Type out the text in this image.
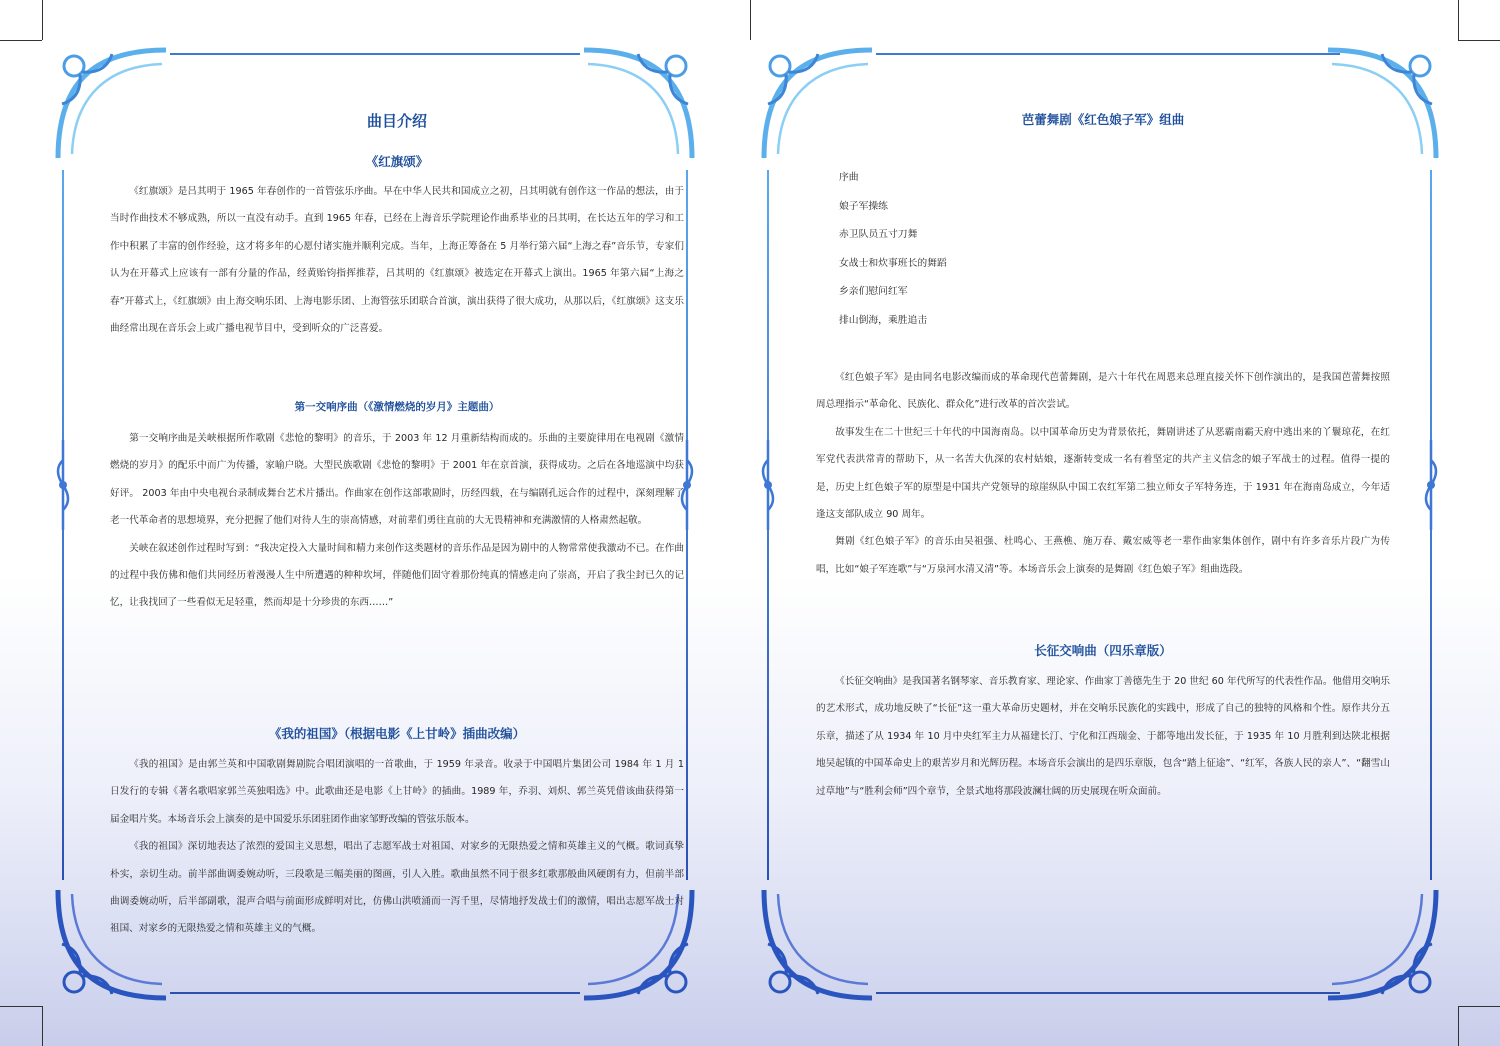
曲目介绍
《红旗颂》

《红旗颂》是吕其明于 1965 年春创作的一首管弦乐序曲。早在中华人民共和国成立之初，吕其明就有创作这一作品的想法，由于当时作曲技术不够成熟，所以一直没有动手。直到 1965 年春，已经在上海音乐学院理论作曲系毕业的吕其明，在长达五年的学习和工作中积累了丰富的创作经验，这才将多年的心愿付诸实施并顺利完成。当年，上海正筹备在 5 月举行第六届“上海之春”音乐节，专家们认为在开幕式上应该有一部有分量的作品，经黄贻钧指挥推荐，吕其明的《红旗颂》被选定在开幕式上演出。1965 年第六届“上海之春”开幕式上，《红旗颂》由上海交响乐团、上海电影乐团、上海管弦乐团联合首演，演出获得了很大成功，从那以后，《红旗颂》这支乐曲经常出现在音乐会上或广播电视节目中，受到听众的广泛喜爱。

第一交响序曲（《激情燃烧的岁月》主题曲）

第一交响序曲是关峡根据所作歌剧《悲怆的黎明》的音乐，于 2003 年 12 月重新结构而成的。乐曲的主要旋律用在电视剧《激情燃烧的岁月》的配乐中而广为传播，家喻户晓。大型民族歌剧《悲怆的黎明》于 2001 年在京首演，获得成功。之后在各地巡演中均获好评。 2003 年由中央电视台录制成舞台艺术片播出。作曲家在创作这部歌剧时，历经四载，在与编剧孔远合作的过程中，深刻理解了老一代革命者的思想境界，充分把握了他们对待人生的崇高情感，对前辈们勇往直前的大无畏精神和充满激情的人格肃然起敬。

关峡在叙述创作过程时写到：“我决定投入大量时间和精力来创作这类题材的音乐作品是因为剧中的人物常常使我激动不已。在作曲的过程中我仿佛和他们共同经历着漫漫人生中所遭遇的种种坎坷，伴随他们固守着那份纯真的情感走向了崇高，开启了我尘封已久的记忆，让我找回了一些看似无足轻重，然而却是十分珍贵的东西……”

《我的祖国》（根据电影《上甘岭》插曲改编）

《我的祖国》是由郭兰英和中国歌剧舞剧院合唱团演唱的一首歌曲，于 1959 年录音。收录于中国唱片集团公司 1984 年 1 月 1 日发行的专辑《著名歌唱家郭兰英独唱选》中。此歌曲还是电影《上甘岭》的插曲。1989 年，乔羽、刘炽、郭兰英凭借该曲获得第一届金唱片奖。本场音乐会上演奏的是中国爱乐乐团驻团作曲家邹野改编的管弦乐版本。

《我的祖国》深切地表达了浓烈的爱国主义思想，唱出了志愿军战士对祖国、对家乡的无限热爱之情和英雄主义的气概。歌词真挚朴实，亲切生动。前半部曲调委婉动听，三段歌是三幅美丽的图画，引人入胜。歌曲虽然不同于很多红歌那般曲风硬朗有力，但前半部曲调委婉动听，后半部副歌，混声合唱与前面形成鲜明对比，仿佛山洪喷涌而一泻千里，尽情地抒发战士们的激情，唱出志愿军战士对祖国、对家乡的无限热爱之情和英雄主义的气概。

芭蕾舞剧《红色娘子军》组曲
序曲
娘子军操练
赤卫队员五寸刀舞
女战士和炊事班长的舞蹈
乡亲们慰问红军
排山倒海，乘胜追击

《红色娘子军》是由同名电影改编而成的革命现代芭蕾舞剧，是六十年代在周恩来总理直接关怀下创作演出的，是我国芭蕾舞按照周总理指示“革命化、民族化、群众化”进行改革的首次尝试。

故事发生在二十世纪三十年代的中国海南岛。以中国革命历史为背景依托，舞剧讲述了从恶霸南霸天府中逃出来的丫鬟琼花，在红军党代表洪常青的帮助下，从一名苦大仇深的农村姑娘，逐渐转变成一名有着坚定的共产主义信念的娘子军战士的过程。值得一提的是，历史上红色娘子军的原型是中国共产党领导的琼崖纵队中国工农红军第二独立师女子军特务连，于 1931 年在海南岛成立，今年适逢这支部队成立 90 周年。

舞剧《红色娘子军》的音乐由吴祖强、杜鸣心、王燕樵、施万春、戴宏威等老一辈作曲家集体创作，剧中有许多音乐片段广为传唱，比如“娘子军连歌”与“万泉河水清又清”等。本场音乐会上演奏的是舞剧《红色娘子军》组曲选段。

长征交响曲（四乐章版）

《长征交响曲》是我国著名钢琴家、音乐教育家、理论家、作曲家丁善德先生于 20 世纪 60 年代所写的代表性作品。他借用交响乐的艺术形式，成功地反映了“长征”这一重大革命历史题材，并在交响乐民族化的实践中，形成了自己的独特的风格和个性。原作共分五乐章，描述了从 1934 年 10 月中央红军主力从福建长汀、宁化和江西瑞金、于都等地出发长征，于 1935 年 10 月胜利到达陕北根据地吴起镇的中国革命史上的艰苦岁月和光辉历程。本场音乐会演出的是四乐章版，包含“踏上征途”、“红军，各族人民的亲人”、“翻雪山 过草地”与“胜利会师”四个章节，全景式地将那段波澜壮阔的历史展现在听众面前。
